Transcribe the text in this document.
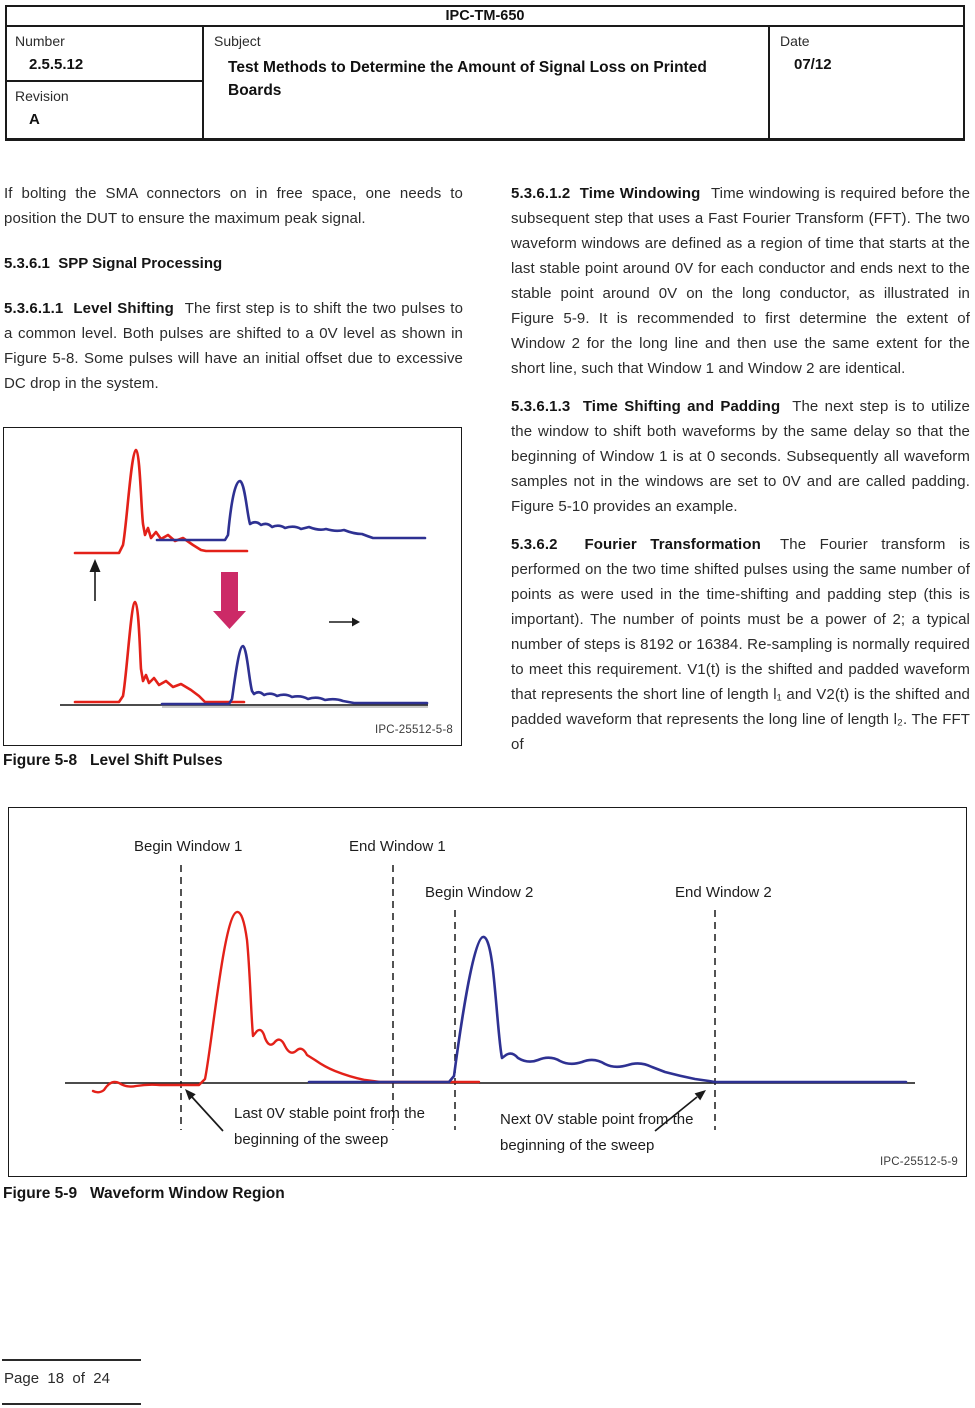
IPC-TM-650
Number
2.5.5.12
Revision
A
Subject
Test Methods to Determine the Amount of Signal Loss on Printed Boards
Date
07/12

If bolting the SMA connectors on in free space, one needs to position the DUT to ensure the maximum peak signal.

5.3.6.1  SPP Signal Processing

5.3.6.1.1  Level Shifting The first step is to shift the two pulses to a common level. Both pulses are shifted to a 0V level as shown in Figure 5-8. Some pulses will have an initial offset due to excessive DC drop in the system.

5.3.6.1.2  Time Windowing Time windowing is required before the subsequent step that uses a Fast Fourier Transform (FFT). The two waveform windows are defined as a region of time that starts at the last stable point around 0V for each conductor and ends next to the stable point around 0V on the long conductor, as illustrated in Figure 5-9. It is recommended to first determine the extent of Window 2 for the long line and then use the same extent for the short line, such that Window 1 and Window 2 are identical.

5.3.6.1.3  Time Shifting and Padding The next step is to utilize the window to shift both waveforms by the same delay so that the beginning of Window 1 is at 0 seconds. Subsequently all waveform samples not in the windows are set to 0V and are called padding. Figure 5-10 provides an example.

5.3.6.2  Fourier Transformation The Fourier transform is performed on the two time shifted pulses using the same number of points as were used in the time-shifting and padding step (this is important). The number of points must be a power of 2; a typical number of steps is 8192 or 16384. Re-sampling is normally required to meet this requirement. V1(t) is the shifted and padded waveform that represents the short line of length l₁ and V2(t) is the shifted and padded waveform that represents the long line of length l₂. The FFT of

IPC-25512-5-8
Figure 5-8   Level Shift Pulses
Begin Window 1	End Window 1
Begin Window 2	End Window 2
Last 0V stable point from the
beginning of the sweep
Next 0V stable point from the
beginning of the sweep
IPC-25512-5-9
Figure 5-9   Waveform Window Region
Page  18  of  24
